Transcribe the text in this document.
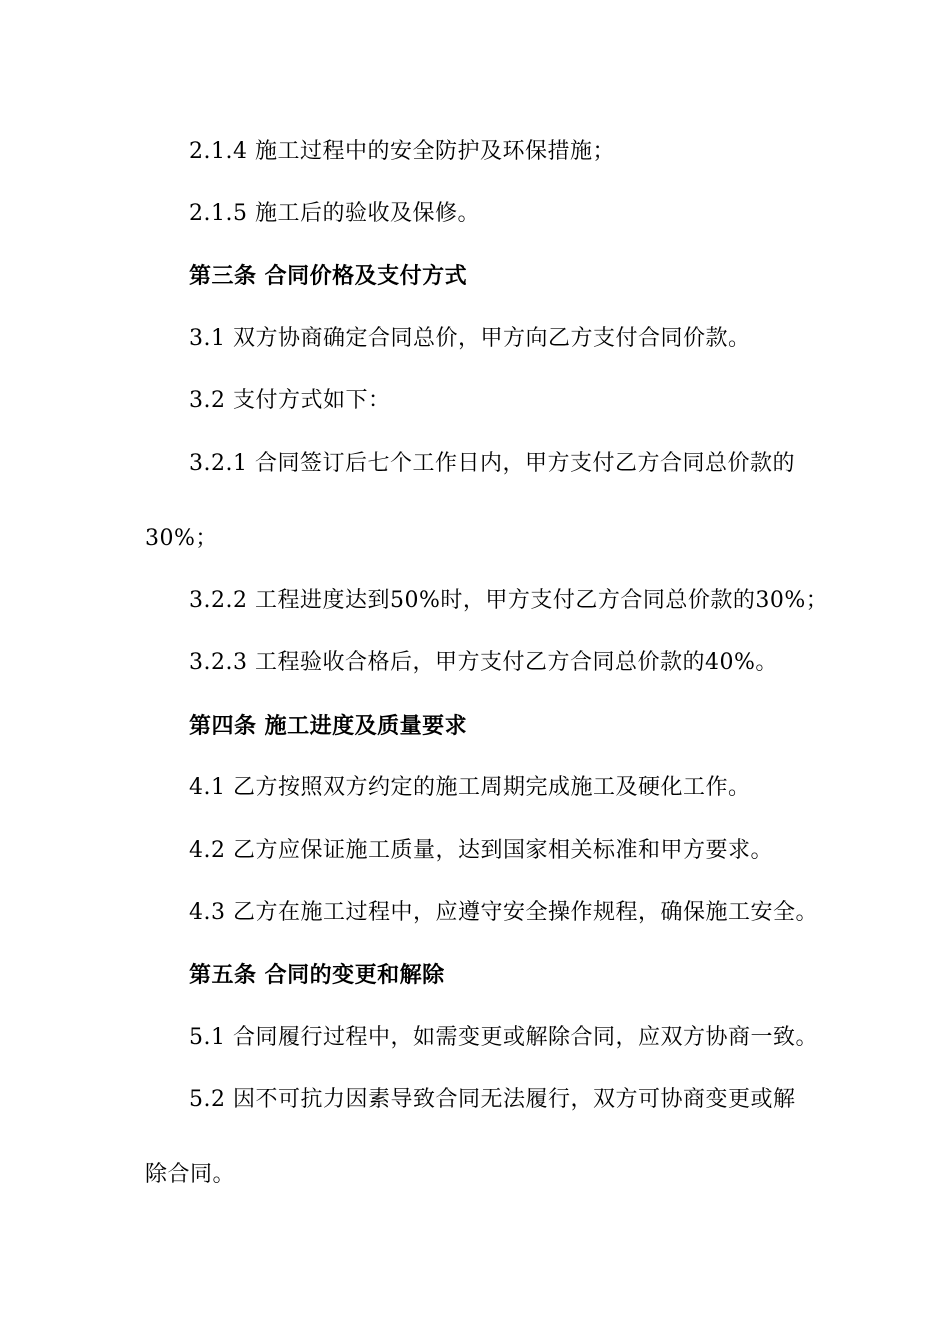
2.1.4 施工过程中的安全防护及环保措施；
2.1.5 施工后的验收及保修。
第三条 合同价格及支付方式
3.1 双方协商确定合同总价，甲方向乙方支付合同价款。
3.2 支付方式如下：
3.2.1 合同签订后七个工作日内，甲方支付乙方合同总价款的
30%；
3.2.2 工程进度达到50%时，甲方支付乙方合同总价款的30%；
3.2.3 工程验收合格后，甲方支付乙方合同总价款的40%。
第四条 施工进度及质量要求
4.1 乙方按照双方约定的施工周期完成施工及硬化工作。
4.2 乙方应保证施工质量，达到国家相关标准和甲方要求。
4.3 乙方在施工过程中，应遵守安全操作规程，确保施工安全。
第五条 合同的变更和解除
5.1 合同履行过程中，如需变更或解除合同，应双方协商一致。
5.2 因不可抗力因素导致合同无法履行，双方可协商变更或解
除合同。
